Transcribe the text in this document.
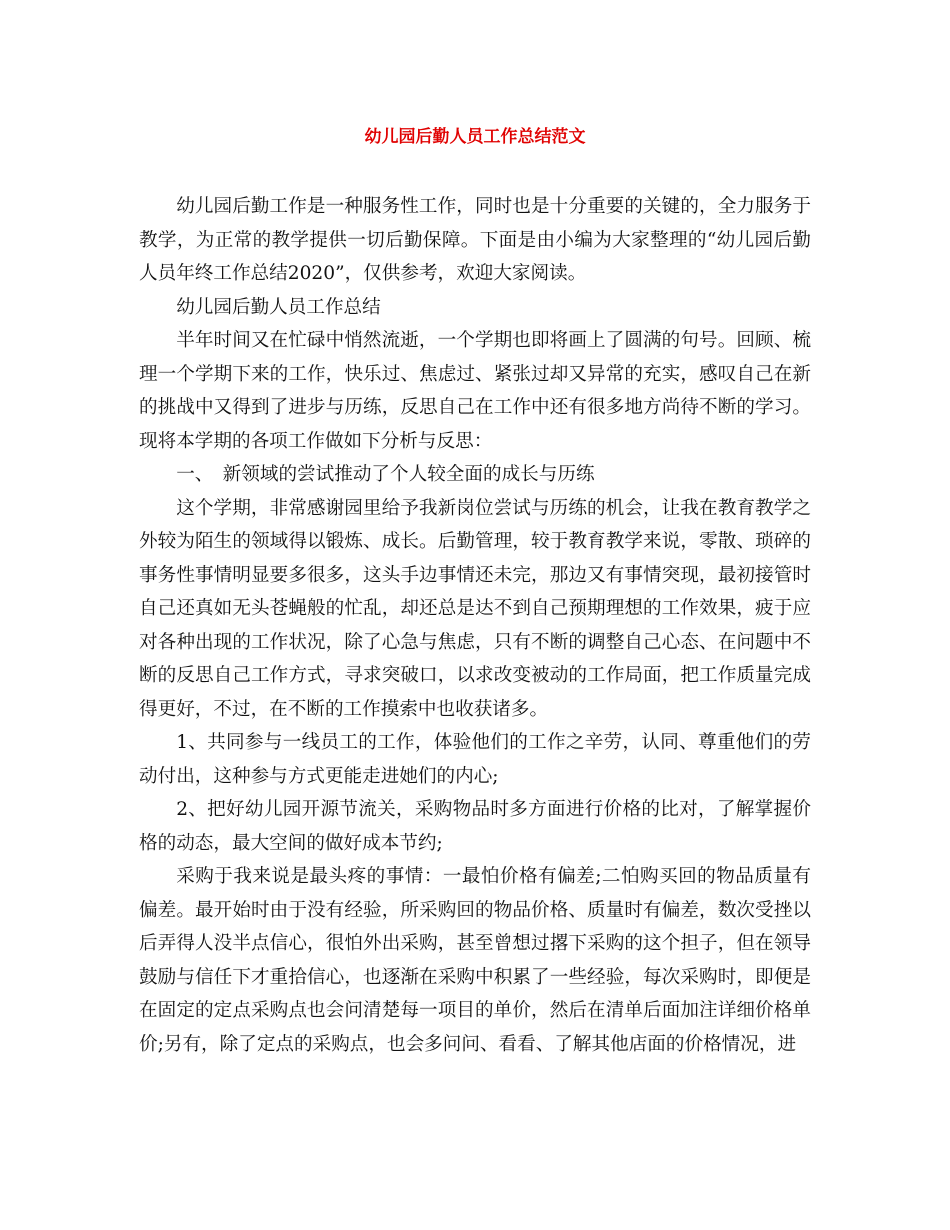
幼儿园后勤人员工作总结范文

幼儿园后勤工作是一种服务性工作，同时也是十分重要的关键的，全力服务于教学，为正常的教学提供一切后勤保障。下面是由小编为大家整理的“幼儿园后勤人员年终工作总结2020”，仅供参考，欢迎大家阅读。

幼儿园后勤人员工作总结

半年时间又在忙碌中悄然流逝，一个学期也即将画上了圆满的句号。回顾、梳理一个学期下来的工作，快乐过、焦虑过、紧张过却又异常的充实，感叹自己在新的挑战中又得到了进步与历练，反思自己在工作中还有很多地方尚待不断的学习。现将本学期的各项工作做如下分析与反思：

一、　新领域的尝试推动了个人较全面的成长与历练

这个学期，非常感谢园里给予我新岗位尝试与历练的机会，让我在教育教学之外较为陌生的领域得以锻炼、成长。后勤管理，较于教育教学来说，零散、琐碎的事务性事情明显要多很多，这头手边事情还未完，那边又有事情突现，最初接管时自己还真如无头苍蝇般的忙乱，却还总是达不到自己预期理想的工作效果，疲于应对各种出现的工作状况，除了心急与焦虑，只有不断的调整自己心态、在问题中不断的反思自己工作方式，寻求突破口，以求改变被动的工作局面，把工作质量完成得更好，不过，在不断的工作摸索中也收获诸多。

1、共同参与一线员工的工作，体验他们的工作之辛劳，认同、尊重他们的劳动付出，这种参与方式更能走进她们的内心;

2、把好幼儿园开源节流关，采购物品时多方面进行价格的比对，了解掌握价格的动态，最大空间的做好成本节约;

采购于我来说是最头疼的事情：一最怕价格有偏差;二怕购买回的物品质量有偏差。最开始时由于没有经验，所采购回的物品价格、质量时有偏差，数次受挫以后弄得人没半点信心，很怕外出采购，甚至曾想过撂下采购的这个担子，但在领导鼓励与信任下才重拾信心，也逐渐在采购中积累了一些经验，每次采购时，即便是在固定的定点采购点也会问清楚每一项目的单价，然后在清单后面加注详细价格单价;另有，除了定点的采购点，也会多问问、看看、了解其他店面的价格情况，进
